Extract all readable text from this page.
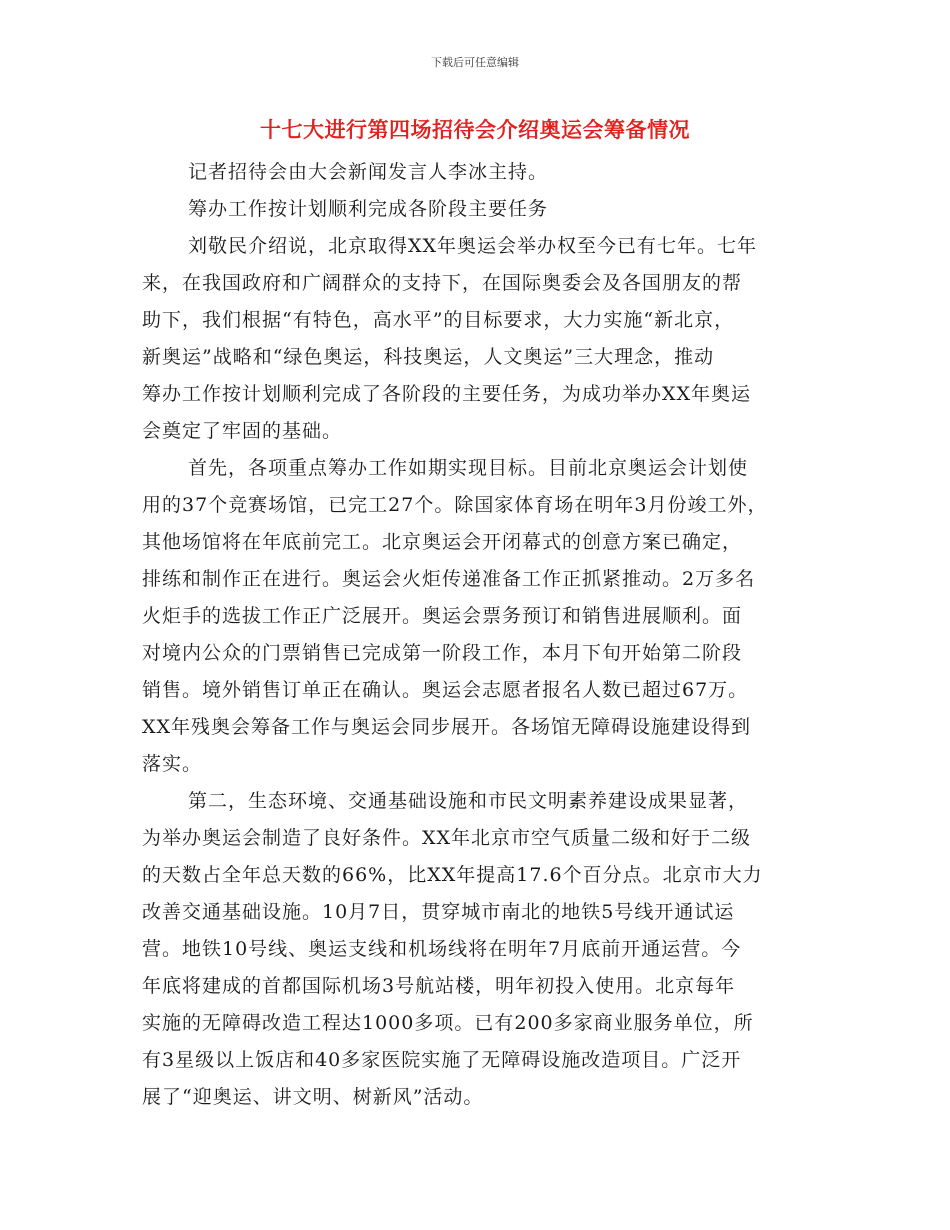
下载后可任意编辑
十七大进行第四场招待会介绍奥运会筹备情况
记者招待会由大会新闻发言人李冰主持。
筹办工作按计划顺利完成各阶段主要任务
刘敬民介绍说，北京取得XX年奥运会举办权至今已有七年。七年
来，在我国政府和广阔群众的支持下，在国际奥委会及各国朋友的帮
助下，我们根据“有特色，高水平”的目标要求，大力实施“新北京，
新奥运”战略和“绿色奥运，科技奥运，人文奥运”三大理念，推动
筹办工作按计划顺利完成了各阶段的主要任务，为成功举办XX年奥运
会奠定了牢固的基础。
首先，各项重点筹办工作如期实现目标。目前北京奥运会计划使
用的37个竞赛场馆，已完工27个。除国家体育场在明年3月份竣工外，
其他场馆将在年底前完工。北京奥运会开闭幕式的创意方案已确定，
排练和制作正在进行。奥运会火炬传递准备工作正抓紧推动。2万多名
火炬手的选拔工作正广泛展开。奥运会票务预订和销售进展顺利。面
对境内公众的门票销售已完成第一阶段工作，本月下旬开始第二阶段
销售。境外销售订单正在确认。奥运会志愿者报名人数已超过67万。
XX年残奥会筹备工作与奥运会同步展开。各场馆无障碍设施建设得到
落实。
第二，生态环境、交通基础设施和市民文明素养建设成果显著，
为举办奥运会制造了良好条件。XX年北京市空气质量二级和好于二级
的天数占全年总天数的66%，比XX年提高17.6个百分点。北京市大力
改善交通基础设施。10月7日，贯穿城市南北的地铁5号线开通试运
营。地铁10号线、奥运支线和机场线将在明年7月底前开通运营。今
年底将建成的首都国际机场3号航站楼，明年初投入使用。北京每年
实施的无障碍改造工程达1000多项。已有200多家商业服务单位，所
有3星级以上饭店和40多家医院实施了无障碍设施改造项目。广泛开
展了“迎奥运、讲文明、树新风”活动。
